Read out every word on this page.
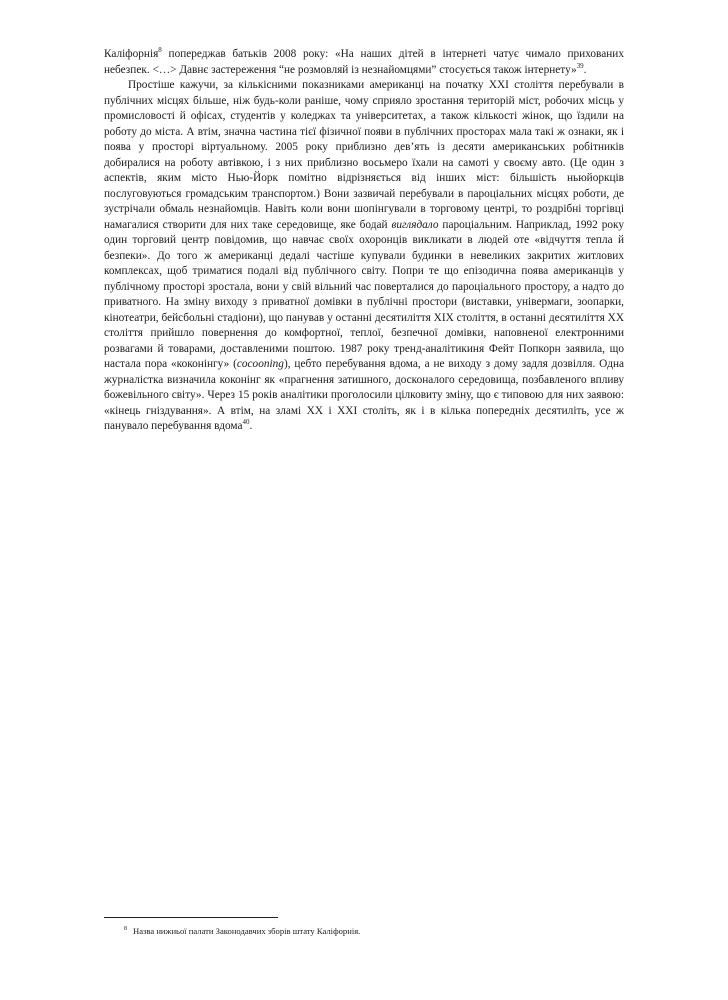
Каліфорнія$^8$ попереджав батьків 2008 року: «На наших дітей в інтернеті чатує чимало прихованих небезпек. <…> Давнє застереження “не розмовляй із незнайомцями” стосується також інтернету»$^{39}$.

Простіше кажучи, за кількісними показниками американці на початку XXI століття перебували в публічних місцях більше, ніж будь-коли раніше, чому сприяло зростання територій міст, робочих місць у промисловості й офісах, студентів у коледжах та університетах, а також кількості жінок, що їздили на роботу до міста. А втім, значна частина тієї фізичної появи в публічних просторах мала такі ж ознаки, як і поява у просторі віртуальному. 2005 року приблизно дев’ять із десяти американських робітників добиралися на роботу автівкою, і з них приблизно восьмеро їхали на самоті у своєму авто. (Це один з аспектів, яким місто Нью-Йорк помітно відрізняється від інших міст: більшість ньюйоркців послуговуються громадським транспортом.) Вони зазвичай перебували в пароціальних місцях роботи, де зустрічали обмаль незнайомців. Навіть коли вони шопінгували в торговому центрі, то роздрібні торгівці намагалися створити для них таке середовище, яке бодай виглядало пароціальним. Наприклад, 1992 року один торговий центр повідомив, що навчає своїх охоронців викликати в людей оте «відчуття тепла й безпеки». До того ж американці дедалі частіше купували будинки в невеликих закритих житлових комплексах, щоб триматися подалі від публічного світу. Попри те що епізодична поява американців у публічному просторі зростала, вони у свій вільний час поверталися до пароціального простору, а надто до приватного. На зміну виходу з приватної домівки в публічні простори (виставки, універмаги, зоопарки, кінотеатри, бейсбольні стадіони), що панував у останні десятиліття XIX століття, в останні десятиліття XX століття прийшло повернення до комфортної, теплої, безпечної домівки, наповненої електронними розвагами й товарами, доставленими поштою. 1987 року тренд-аналітикиня Фейт Попкорн заявила, що настала пора «коконінгу» (cocooning), цебто перебування вдома, а не виходу з дому задля дозвілля. Одна журналістка визначила коконінг як «прагнення затишного, досконалого середовища, позбавленого впливу божевільного світу». Через 15 років аналітики проголосили цілковиту зміну, що є типовою для них заявою: «кінець гніздування». А втім, на зламі XX і XXI століть, як і в кілька попередніх десятиліть, усе ж панувало перебування вдома$^{40}$.

$^8$ Назва нижньої палати Законодавчих зборів штату Каліфорнія.
